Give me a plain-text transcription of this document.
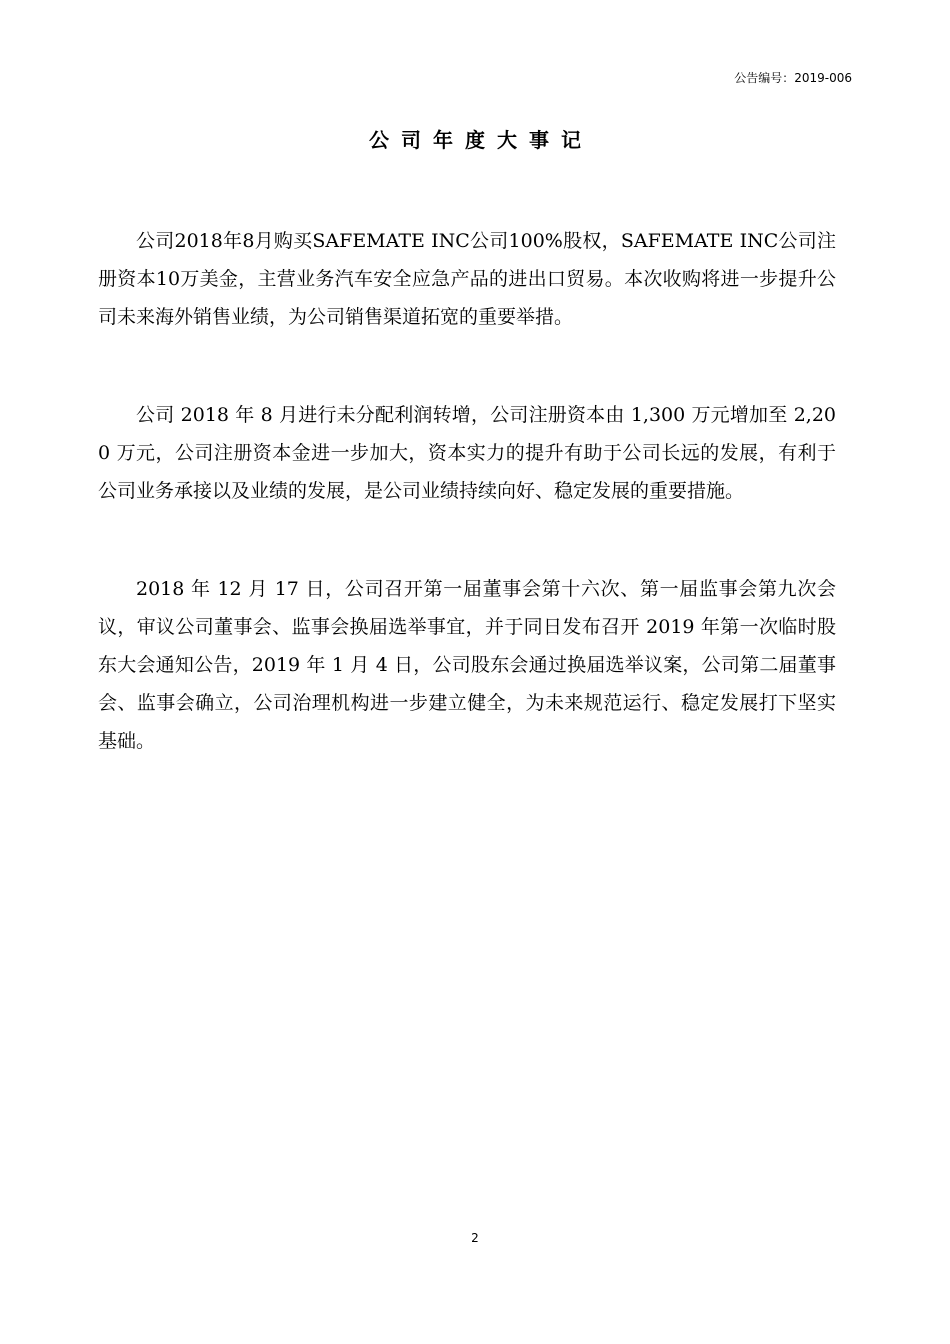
公告编号：2019-006
公司年度大事记

公司2018年8月购买SAFEMATE INC公司100%股权，SAFEMATE INC公司注册资本10万美金，主营业务汽车安全应急产品的进出口贸易。本次收购将进一步提升公司未来海外销售业绩，为公司销售渠道拓宽的重要举措。

公司 2018 年 8 月进行未分配利润转增，公司注册资本由 1,300 万元增加至 2,200 万元，公司注册资本金进一步加大，资本实力的提升有助于公司长远的发展，有利于公司业务承接以及业绩的发展，是公司业绩持续向好、稳定发展的重要措施。

2018 年 12 月 17 日，公司召开第一届董事会第十六次、第一届监事会第九次会议，审议公司董事会、监事会换届选举事宜，并于同日发布召开 2019 年第一次临时股东大会通知公告，2019 年 1 月 4 日，公司股东会通过换届选举议案，公司第二届董事会、监事会确立，公司治理机构进一步建立健全，为未来规范运行、稳定发展打下坚实基础。

2
